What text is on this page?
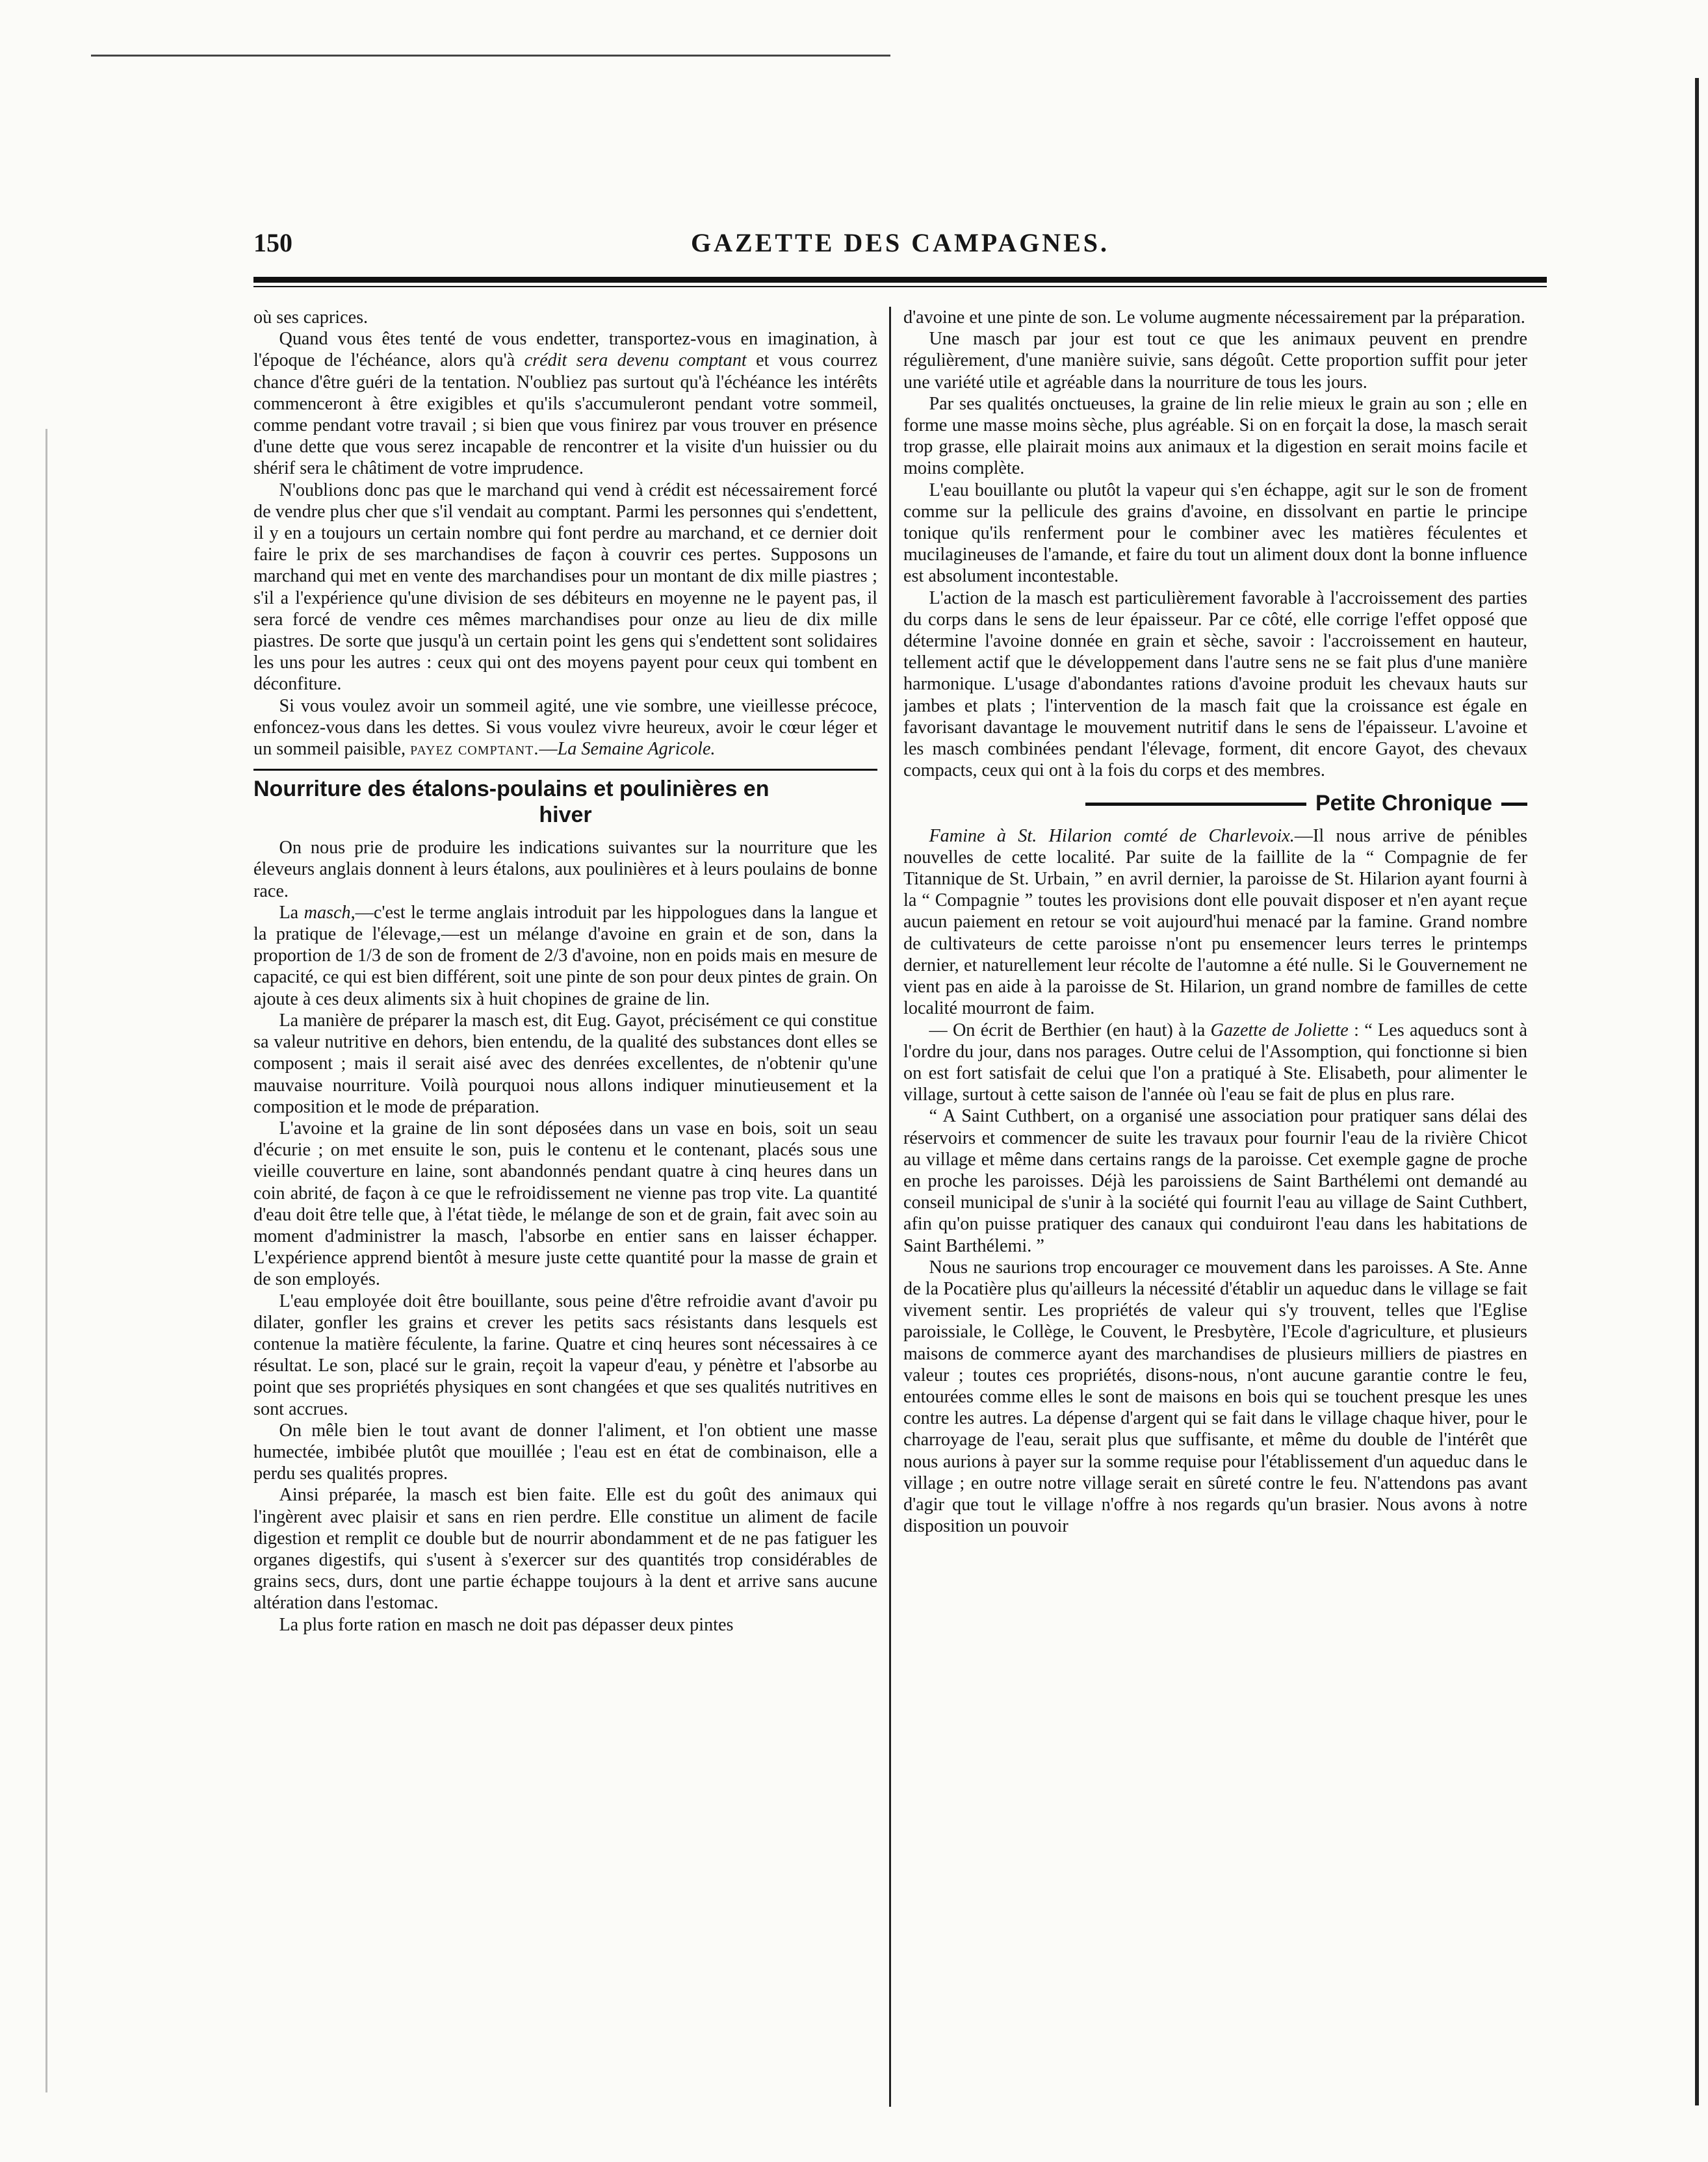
150	GAZETTE DES CAMPAGNES.

où ses caprices.

Quand vous êtes tenté de vous endetter, transportez-vous en imagination, à l'époque de l'échéance, alors qu'à crédit sera devenu comptant et vous courrez chance d'être guéri de la tentation. N'oubliez pas surtout qu'à l'échéance les intérêts commenceront à être exigibles et qu'ils s'accumuleront pendant votre sommeil, comme pendant votre travail ; si bien que vous finirez par vous trouver en présence d'une dette que vous serez incapable de rencontrer et la visite d'un huissier ou du shérif sera le châtiment de votre imprudence.

N'oublions donc pas que le marchand qui vend à crédit est nécessairement forcé de vendre plus cher que s'il vendait au comptant. Parmi les personnes qui s'endettent, il y en a toujours un certain nombre qui font perdre au marchand, et ce dernier doit faire le prix de ses marchandises de façon à couvrir ces pertes. Supposons un marchand qui met en vente des marchandises pour un montant de dix mille piastres ; s'il a l'expérience qu'une division de ses débiteurs en moyenne ne le payent pas, il sera forcé de vendre ces mêmes marchandises pour onze au lieu de dix mille piastres. De sorte que jusqu'à un certain point les gens qui s'endettent sont solidaires les uns pour les autres : ceux qui ont des moyens payent pour ceux qui tombent en déconfiture.

Si vous voulez avoir un sommeil agité, une vie sombre, une vieillesse précoce, enfoncez-vous dans les dettes. Si vous voulez vivre heureux, avoir le cœur léger et un sommeil paisible, payez comptant.—La Semaine Agricole.

Nourriture des étalons-poulains et poulinières en
hiver

On nous prie de produire les indications suivantes sur la nourriture que les éleveurs anglais donnent à leurs étalons, aux poulinières et à leurs poulains de bonne race.

La masch,—c'est le terme anglais introduit par les hippologues dans la langue et la pratique de l'élevage,—est un mélange d'avoine en grain et de son, dans la proportion de 1/3 de son de froment de 2/3 d'avoine, non en poids mais en mesure de capacité, ce qui est bien différent, soit une pinte de son pour deux pintes de grain. On ajoute à ces deux aliments six à huit chopines de graine de lin.

La manière de préparer la masch est, dit Eug. Gayot, précisément ce qui constitue sa valeur nutritive en dehors, bien entendu, de la qualité des substances dont elles se composent ; mais il serait aisé avec des denrées excellentes, de n'obtenir qu'une mauvaise nourriture. Voilà pourquoi nous allons indiquer minutieusement et la composition et le mode de préparation.

L'avoine et la graine de lin sont déposées dans un vase en bois, soit un seau d'écurie ; on met ensuite le son, puis le contenu et le contenant, placés sous une vieille couverture en laine, sont abandonnés pendant quatre à cinq heures dans un coin abrité, de façon à ce que le refroidissement ne vienne pas trop vite. La quantité d'eau doit être telle que, à l'état tiède, le mélange de son et de grain, fait avec soin au moment d'administrer la masch, l'absorbe en entier sans en laisser échapper. L'expérience apprend bientôt à mesure juste cette quantité pour la masse de grain et de son employés.

L'eau employée doit être bouillante, sous peine d'être refroidie avant d'avoir pu dilater, gonfler les grains et crever les petits sacs résistants dans lesquels est contenue la matière féculente, la farine. Quatre et cinq heures sont nécessaires à ce résultat. Le son, placé sur le grain, reçoit la vapeur d'eau, y pénètre et l'absorbe au point que ses propriétés physiques en sont changées et que ses qualités nutritives en sont accrues.

On mêle bien le tout avant de donner l'aliment, et l'on obtient une masse humectée, imbibée plutôt que mouillée ; l'eau est en état de combinaison, elle a perdu ses qualités propres.

Ainsi préparée, la masch est bien faite. Elle est du goût des animaux qui l'ingèrent avec plaisir et sans en rien perdre. Elle constitue un aliment de facile digestion et remplit ce double but de nourrir abondamment et de ne pas fatiguer les organes digestifs, qui s'usent à s'exercer sur des quantités trop considérables de grains secs, durs, dont une partie échappe toujours à la dent et arrive sans aucune altération dans l'estomac.

La plus forte ration en masch ne doit pas dépasser deux pintes

d'avoine et une pinte de son. Le volume augmente nécessairement par la préparation.

Une masch par jour est tout ce que les animaux peuvent en prendre régulièrement, d'une manière suivie, sans dégoût. Cette proportion suffit pour jeter une variété utile et agréable dans la nourriture de tous les jours.

Par ses qualités onctueuses, la graine de lin relie mieux le grain au son ; elle en forme une masse moins sèche, plus agréable. Si on en forçait la dose, la masch serait trop grasse, elle plairait moins aux animaux et la digestion en serait moins facile et moins complète.

L'eau bouillante ou plutôt la vapeur qui s'en échappe, agit sur le son de froment comme sur la pellicule des grains d'avoine, en dissolvant en partie le principe tonique qu'ils renferment pour le combiner avec les matières féculentes et mucilagineuses de l'amande, et faire du tout un aliment doux dont la bonne influence est absolument incontestable.

L'action de la masch est particulièrement favorable à l'accroissement des parties du corps dans le sens de leur épaisseur. Par ce côté, elle corrige l'effet opposé que détermine l'avoine donnée en grain et sèche, savoir : l'accroissement en hauteur, tellement actif que le développement dans l'autre sens ne se fait plus d'une manière harmonique. L'usage d'abondantes rations d'avoine produit les chevaux hauts sur jambes et plats ; l'intervention de la masch fait que la croissance est égale en favorisant davantage le mouvement nutritif dans le sens de l'épaisseur. L'avoine et les masch combinées pendant l'élevage, forment, dit encore Gayot, des chevaux compacts, ceux qui ont à la fois du corps et des membres.

Petite Chronique

Famine à St. Hilarion comté de Charlevoix.—Il nous arrive de pénibles nouvelles de cette localité. Par suite de la faillite de la “ Compagnie de fer Titannique de St. Urbain, ” en avril dernier, la paroisse de St. Hilarion ayant fourni à la “ Compagnie ” toutes les provisions dont elle pouvait disposer et n'en ayant reçue aucun paiement en retour se voit aujourd'hui menacé par la famine. Grand nombre de cultivateurs de cette paroisse n'ont pu ensemencer leurs terres le printemps dernier, et naturellement leur récolte de l'automne a été nulle. Si le Gouvernement ne vient pas en aide à la paroisse de St. Hilarion, un grand nombre de familles de cette localité mourront de faim.

— On écrit de Berthier (en haut) à la Gazette de Joliette : “ Les aqueducs sont à l'ordre du jour, dans nos parages. Outre celui de l'Assomption, qui fonctionne si bien on est fort satisfait de celui que l'on a pratiqué à Ste. Elisabeth, pour alimenter le village, surtout à cette saison de l'année où l'eau se fait de plus en plus rare.

“ A Saint Cuthbert, on a organisé une association pour pratiquer sans délai des réservoirs et commencer de suite les travaux pour fournir l'eau de la rivière Chicot au village et même dans certains rangs de la paroisse. Cet exemple gagne de proche en proche les paroisses. Déjà les paroissiens de Saint Barthélemi ont demandé au conseil municipal de s'unir à la société qui fournit l'eau au village de Saint Cuthbert, afin qu'on puisse pratiquer des canaux qui conduiront l'eau dans les habitations de Saint Barthélemi. ”

Nous ne saurions trop encourager ce mouvement dans les paroisses. A Ste. Anne de la Pocatière plus qu'ailleurs la nécessité d'établir un aqueduc dans le village se fait vivement sentir. Les propriétés de valeur qui s'y trouvent, telles que l'Eglise paroissiale, le Collège, le Couvent, le Presbytère, l'Ecole d'agriculture, et plusieurs maisons de commerce ayant des marchandises de plusieurs milliers de piastres en valeur ; toutes ces propriétés, disons-nous, n'ont aucune garantie contre le feu, entourées comme elles le sont de maisons en bois qui se touchent presque les unes contre les autres. La dépense d'argent qui se fait dans le village chaque hiver, pour le charroyage de l'eau, serait plus que suffisante, et même du double de l'intérêt que nous aurions à payer sur la somme requise pour l'établissement d'un aqueduc dans le village ; en outre notre village serait en sûreté contre le feu. N'attendons pas avant d'agir que tout le village n'offre à nos regards qu'un brasier. Nous avons à notre disposition un pouvoir
